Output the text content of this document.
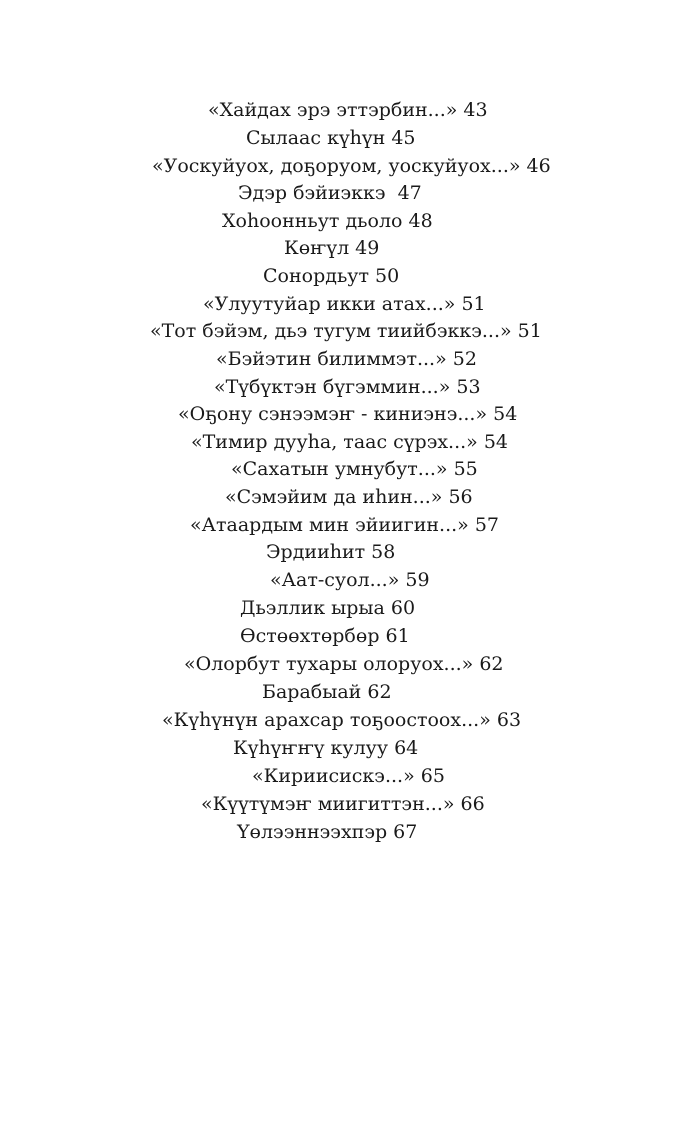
«Хайдах эрэ эттэрбин...» 43
Сылаас күһүн 45
«Уоскуйуох, доҕоруом, уоскуйуох...» 46
Эдэр бэйиэккэ  47
Хоһоонньут дьоло 48
Көҥүл 49
Сонордьут 50
«Улуутуйар икки атах...» 51
«Тот бэйэм, дьэ тугум тиийбэккэ...» 51
«Бэйэтин билиммэт...» 52
«Түбүктэн бүгэммин...» 53
«Оҕону сэнээмэҥ - киниэнэ...» 54
«Тимир дууһа, таас сүрэх...» 54
«Сахатын умнубут...» 55
«Сэмэйим да иһин...» 56
«Атаардым мин эйиигин...» 57
Эрдииһит 58
«Аат-суол...» 59
Дьэллик ырыа 60
Өстөөхтөрбөр 61
«Олорбут тухары олоруох...» 62
Барабыай 62
«Күһүнүн арахсар тоҕоостоох...» 63
Күһүҥҥү кулуу 64
«Кириисискэ...» 65
«Күүтүмэҥ миигиттэн...» 66
Үөлээннээхпэр 67
